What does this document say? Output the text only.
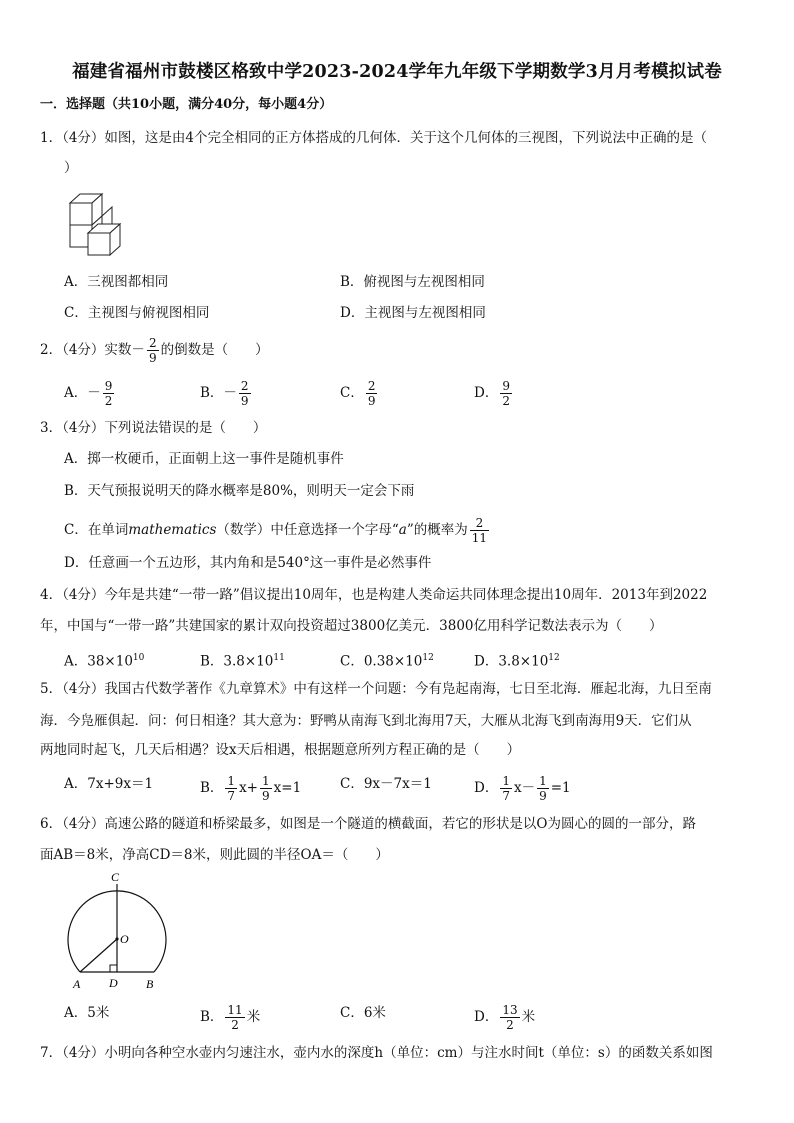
福建省福州市鼓楼区格致中学2023-2024学年九年级下学期数学3月月考模拟试卷
一．选择题（共10小题，满分40分，每小题4分）
1．（4分）如图，这是由4个完全相同的正方体搭成的几何体．关于这个几何体的三视图，下列说法中正确的是（
）
A．三视图都相同	B．俯视图与左视图相同
C．主视图与俯视图相同	D．主视图与左视图相同
2．（4分）实数－ $\frac{2}{9}$ 的倒数是（　　）
A．－ $\frac{9}{2}$	B．－ $\frac{2}{9}$	C． $\frac{2}{9}$	D． $\frac{9}{2}$
3．（4分）下列说法错误的是（　　）
A．掷一枚硬币，正面朝上这一事件是随机事件
B．天气预报说明天的降水概率是80%，则明天一定会下雨
C．在单词mathematics（数学）中任意选择一个字母“a”的概率为 $\frac{2}{11}$
D．任意画一个五边形，其内角和是540°这一事件是必然事件
4．（4分）今年是共建“一带一路”倡议提出10周年，也是构建人类命运共同体理念提出10周年．2013年到2022
年，中国与“一带一路”共建国家的累计双向投资超过3800亿美元．3800亿用科学记数法表示为（　　）
A．$38\times 10^{10}$	B．$3.8\times 10^{11}$	C．$0.38\times 10^{12}$	D．$3.8\times 10^{12}$
5．（4分）我国古代数学著作《九章算术》中有这样一个问题：今有凫起南海，七日至北海．雁起北海，九日至南
海．今凫雁俱起．问：何日相逢？其大意为：野鸭从南海飞到北海用7天，大雁从北海飞到南海用9天．它们从
两地同时起飞，几天后相遇？设x天后相遇，根据题意所列方程正确的是（　　）
A．7x+9x＝1	B． $\frac{1}{7} x+ \frac{1}{9} x=1$	C．9x－7x＝1	D． $\frac{1}{7} x- \frac{1}{9} =1$
6．（4分）高速公路的隧道和桥梁最多，如图是一个隧道的横截面，若它的形状是以O为圆心的圆的一部分，路
面AB＝8米，净高CD＝8米，则此圆的半径OA＝（　　）
C
O
A D B
A．5米	B． $\frac{11}{2}$ 米	C．6米	D． $\frac{13}{2}$ 米
7．（4分）小明向各种空水壶内匀速注水，壶内水的深度h（单位：cm）与注水时间t（单位：s）的函数关系如图
